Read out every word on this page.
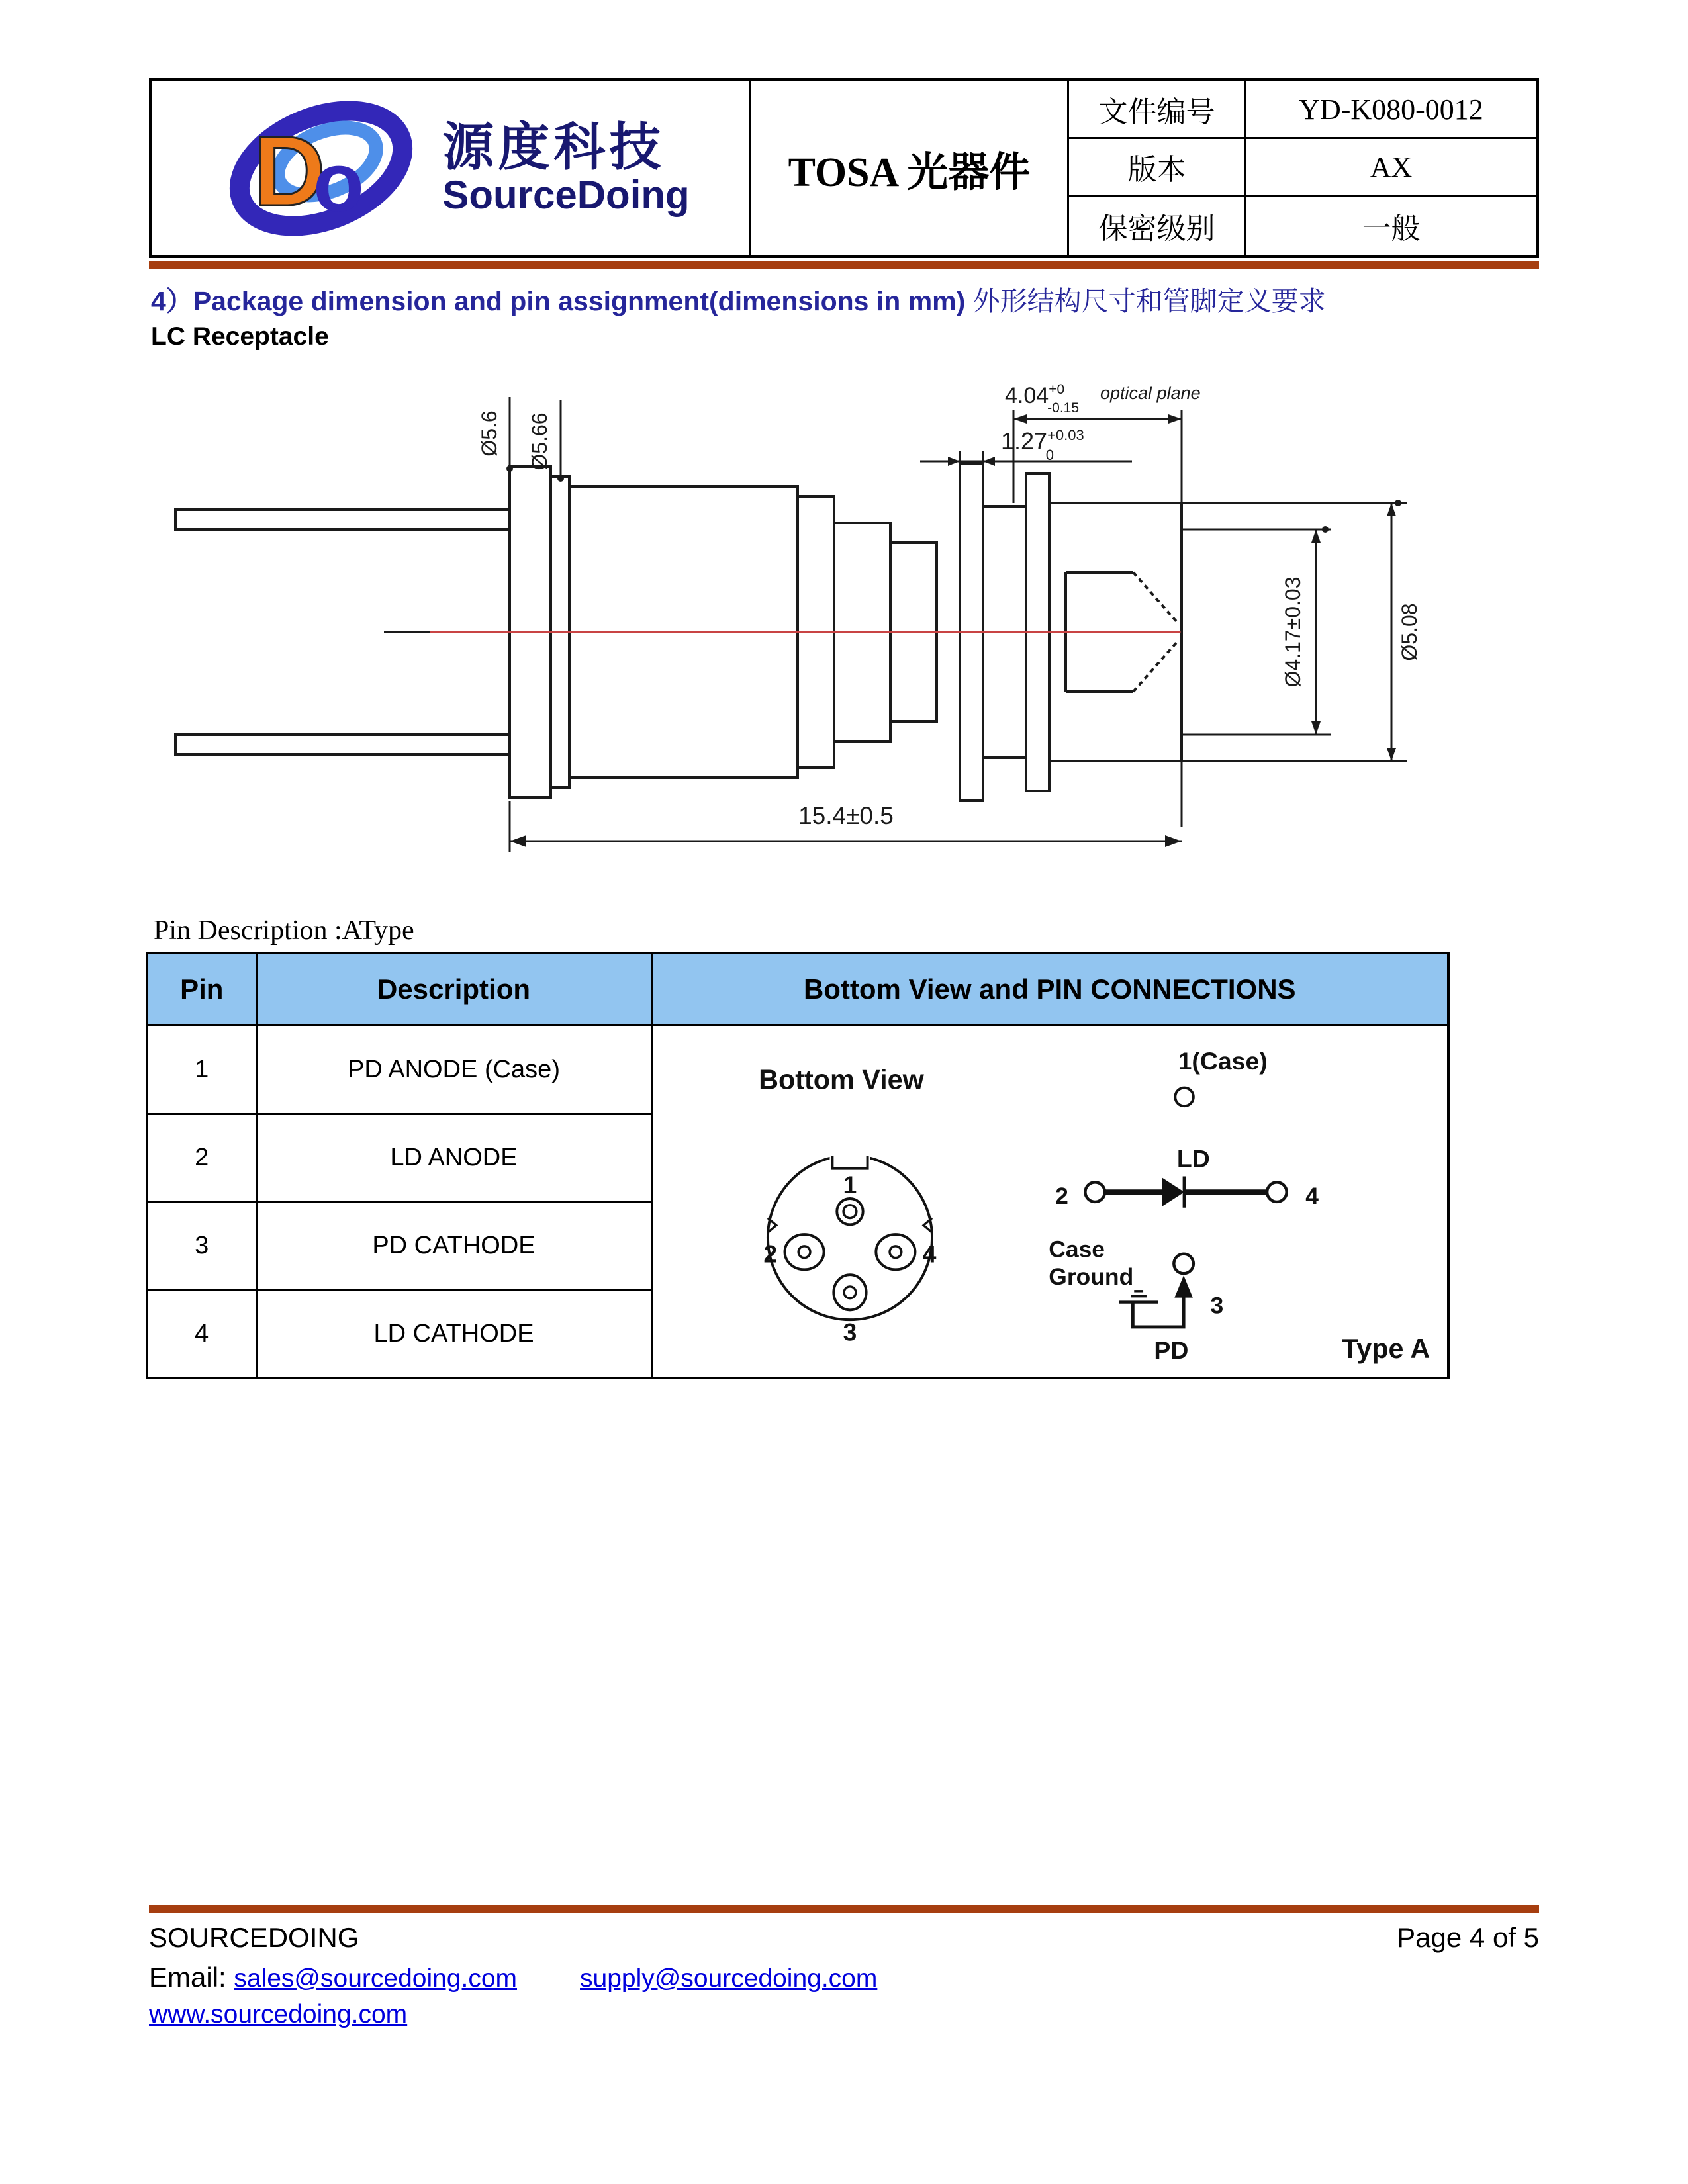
D
o 源度科技
SourceDoing
TOSA 光器件
文件编号	YD-K080-0012
版本	AX
保密级别	一般
4）Package dimension and pin assignment(dimensions in mm) 外形结构尺寸和管脚定义要求
LC Receptacle
Ø5.6 Ø5.66
$4.04^{+0}$ -0.15
optical plane
$1.27^{+0.03}$ 0
Ø4.17±0.03	Ø5.08
15.4±0.5
Pin Description :AType
Pin	Description	Bottom View and PIN CONNECTIONS
1	PD ANODE (Case)	Bottom View
1
2	4
3
1(Case)
LD
2	4
Case
Ground
3
PD	Type A

2	LD ANODE	
3	PD CATHODE	
4	LD CATHODE	
SOURCEDOING	Page 4 of 5
Email: sales@sourcedoing.com supply@sourcedoing.com
www.sourcedoing.com
